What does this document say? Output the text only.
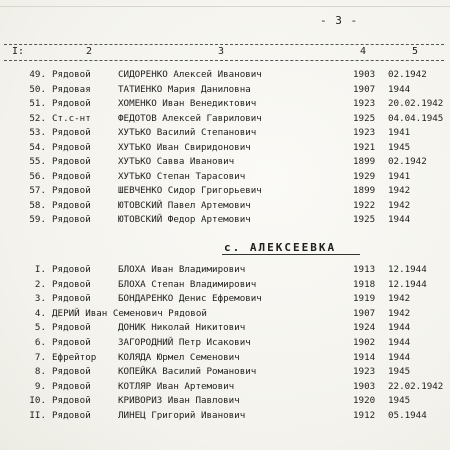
- 3 -
I:	2	3	4	5
49. Рядовой	СИДОРЕНКО Алексей Иванович	1903 02.1942
50. Рядовая	ТАТИЕНКО Мария Даниловна	1907 1944
51. Рядовой	ХОМЕНКО Иван Венедиктович	1923 20.02.1942
52. Ст.с-нт	ФЕДОТОВ Алексей Гаврилович	1925 04.04.1945
53. Рядовой	ХУТЬКО Василий Степанович	1923 1941
54. Рядовой	ХУТЬКО Иван Свиридонович	1921 1945
55. Рядовой	ХУТЬКО Савва Иванович	1899 02.1942
56. Рядовой	ХУТЬКО Степан Тарасович	1929 1941
57. Рядовой	ШЕВЧЕНКО Сидор Григорьевич	1899 1942
58. Рядовой	ЮТОВСКИЙ Павел Артемович	1922 1942
59. Рядовой	ЮТОВСКИЙ Федор Артемович	1925 1944
с. АЛЕКСЕЕВКА
I. Рядовой	БЛОХА Иван Владимирович	1913 12.1944
2. Рядовой	БЛОХА Степан Владимирович	1918 12.1944
3. Рядовой	БОНДАРЕНКО Денис Ефремович	1919 1942
4. ДЕРИЙ Иван Семенович Рядовой	1907 1942
5. Рядовой	ДОНИК Николай Никитович	1924 1944
6. Рядовой	ЗАГОРОДНИЙ Петр Исакович	1902 1944
7. Ефрейтор КОЛЯДА Юрмел Семенович	1914 1944
8. Рядовой	КОПЕЙКА Василий Романович	1923 1945
9. Рядовой	КОТЛЯР Иван Артемович	1903 22.02.1942
I0. Рядовой	КРИВОРИЗ Иван Павлович	1920 1945
II. Рядовой	ЛИНЕЦ Григорий Иванович	1912 05.1944
